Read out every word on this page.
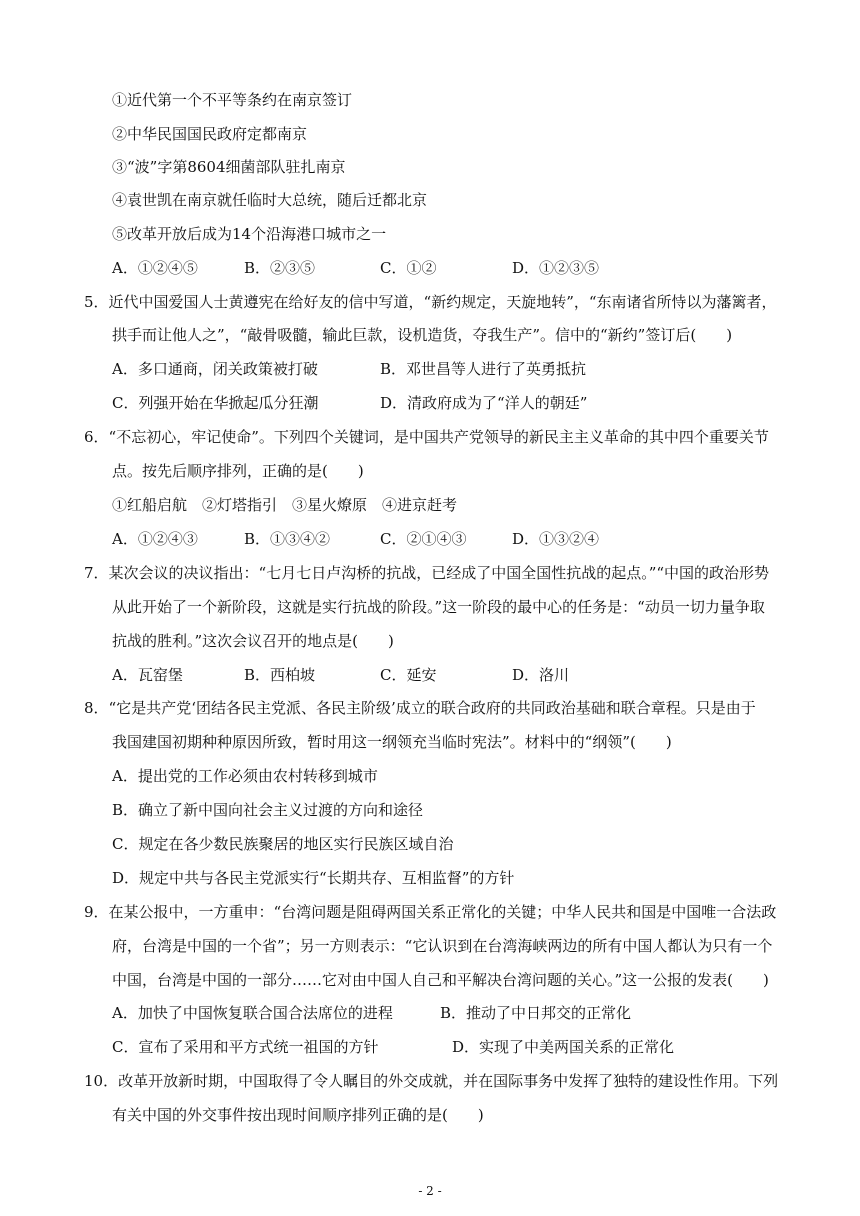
①近代第一个不平等条约在南京签订
②中华民国国民政府定都南京
③“波”字第8604细菌部队驻扎南京
④袁世凯在南京就任临时大总统，随后迁都北京
⑤改革开放后成为14个沿海港口城市之一
A．①②④⑤	B．②③⑤	C．①②	D．①②③⑤
5．近代中国爱国人士黄遵宪在给好友的信中写道，“新约规定，天旋地转”，“东南诸省所恃以为藩篱者，
拱手而让他人之”，“敲骨吸髓，输此巨款，设机造货，夺我生产”。信中的“新约”签订后(　　)
A．多口通商，闭关政策被打破	B．邓世昌等人进行了英勇抵抗
C．列强开始在华掀起瓜分狂潮	D．清政府成为了“洋人的朝廷”
6．“不忘初心，牢记使命”。下列四个关键词，是中国共产党领导的新民主主义革命的其中四个重要关节
点。按先后顺序排列，正确的是(　　)
①红船启航　②灯塔指引　③星火燎原　④进京赶考
A．①②④③	B．①③④②	C．②①④③	D．①③②④
7．某次会议的决议指出：“七月七日卢沟桥的抗战，已经成了中国全国性抗战的起点。”“中国的政治形势
从此开始了一个新阶段，这就是实行抗战的阶段。”这一阶段的最中心的任务是：“动员一切力量争取
抗战的胜利。”这次会议召开的地点是(　　)
A．瓦窑堡	B．西柏坡	C．延安	D．洛川
8．“它是共产党‘团结各民主党派、各民主阶级’成立的联合政府的共同政治基础和联合章程。只是由于
我国建国初期种种原因所致，暂时用这一纲领充当临时宪法”。材料中的“纲领”(　　)
A．提出党的工作必须由农村转移到城市
B．确立了新中国向社会主义过渡的方向和途径
C．规定在各少数民族聚居的地区实行民族区域自治
D．规定中共与各民主党派实行“长期共存、互相监督”的方针
9．在某公报中，一方重申：“台湾问题是阻碍两国关系正常化的关键；中华人民共和国是中国唯一合法政
府，台湾是中国的一个省”；另一方则表示：“它认识到在台湾海峡两边的所有中国人都认为只有一个
中国，台湾是中国的一部分……它对由中国人自己和平解决台湾问题的关心。”这一公报的发表(　　)
A．加快了中国恢复联合国合法席位的进程	B．推动了中日邦交的正常化
C．宣布了采用和平方式统一祖国的方针	D．实现了中美两国关系的正常化
10．改革开放新时期，中国取得了令人瞩目的外交成就，并在国际事务中发挥了独特的建设性作用。下列
有关中国的外交事件按出现时间顺序排列正确的是(　　)
- 2 -
